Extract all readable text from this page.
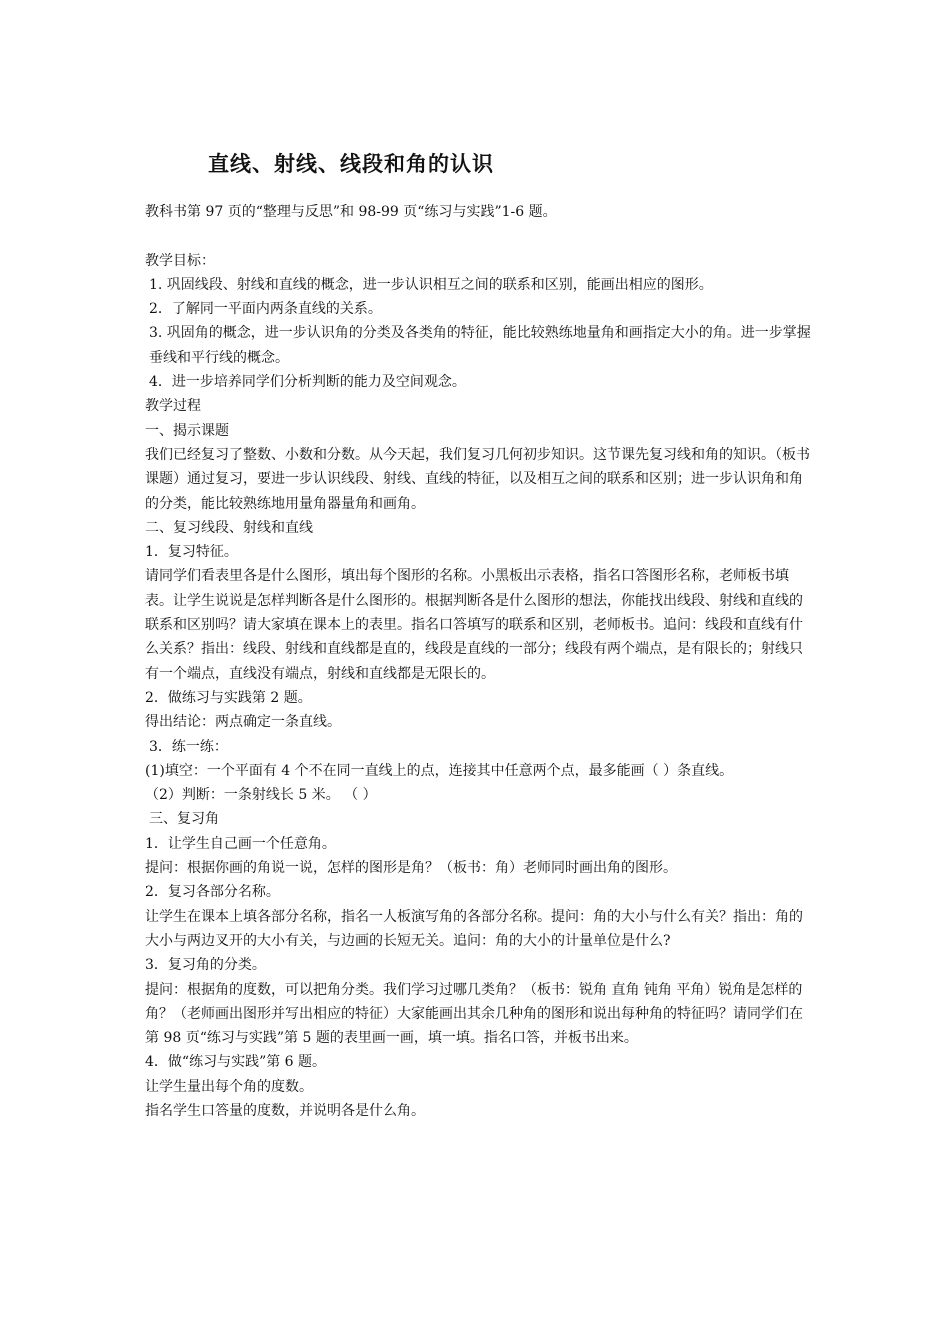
直线、射线、线段和角的认识
教科书第 97 页的“整理与反思”和 98-99 页“练习与实践”1-6 题。
教学目标：
1. 巩固线段、射线和直线的概念，进一步认识相互之间的联系和区别，能画出相应的图形。
2．了解同一平面内两条直线的关系。
3. 巩固角的概念，进一步认识角的分类及各类角的特征，能比较熟练地量角和画指定大小的角。进一步掌握垂线和平行线的概念。
4．进一步培养同学们分析判断的能力及空间观念。
教学过程
一、揭示课题
我们已经复习了整数、小数和分数。从今天起，我们复习几何初步知识。这节课先复习线和角的知识。（板书课题）通过复习，要进一步认识线段、射线、直线的特征，以及相互之间的联系和区别；进一步认识角和角的分类，能比较熟练地用量角器量角和画角。
二、复习线段、射线和直线
1．复习特征。
请同学们看表里各是什么图形，填出每个图形的名称。小黑板出示表格，指名口答图形名称，老师板书填表。让学生说说是怎样判断各是什么图形的。根据判断各是什么图形的想法，你能找出线段、射线和直线的联系和区别吗？请大家填在课本上的表里。指名口答填写的联系和区别，老师板书。追问：线段和直线有什么关系？指出：线段、射线和直线都是直的，线段是直线的一部分；线段有两个端点，是有限长的；射线只有一个端点，直线没有端点，射线和直线都是无限长的。
2．做练习与实践第 2 题。
得出结论：两点确定一条直线。
3．练一练：
(1)填空：一个平面有 4 个不在同一直线上的点，连接其中任意两个点，最多能画（ ）条直线。
（2）判断：一条射线长 5 米。 （ ）
三、复习角
1．让学生自己画一个任意角。
提问：根据你画的角说一说，怎样的图形是角？（板书：角）老师同时画出角的图形。
2．复习各部分名称。
让学生在课本上填各部分名称，指名一人板演写角的各部分名称。提问：角的大小与什么有关？指出：角的大小与两边叉开的大小有关，与边画的长短无关。追问：角的大小的计量单位是什么?
3．复习角的分类。
提问：根据角的度数，可以把角分类。我们学习过哪几类角？（板书：锐角 直角 钝角 平角）锐角是怎样的角？（老师画出图形并写出相应的特征）大家能画出其余几种角的图形和说出每种角的特征吗？请同学们在第 98 页“练习与实践”第 5 题的表里画一画，填一填。指名口答，并板书出来。
4．做“练习与实践”第 6 题。
让学生量出每个角的度数。
指名学生口答量的度数，并说明各是什么角。
